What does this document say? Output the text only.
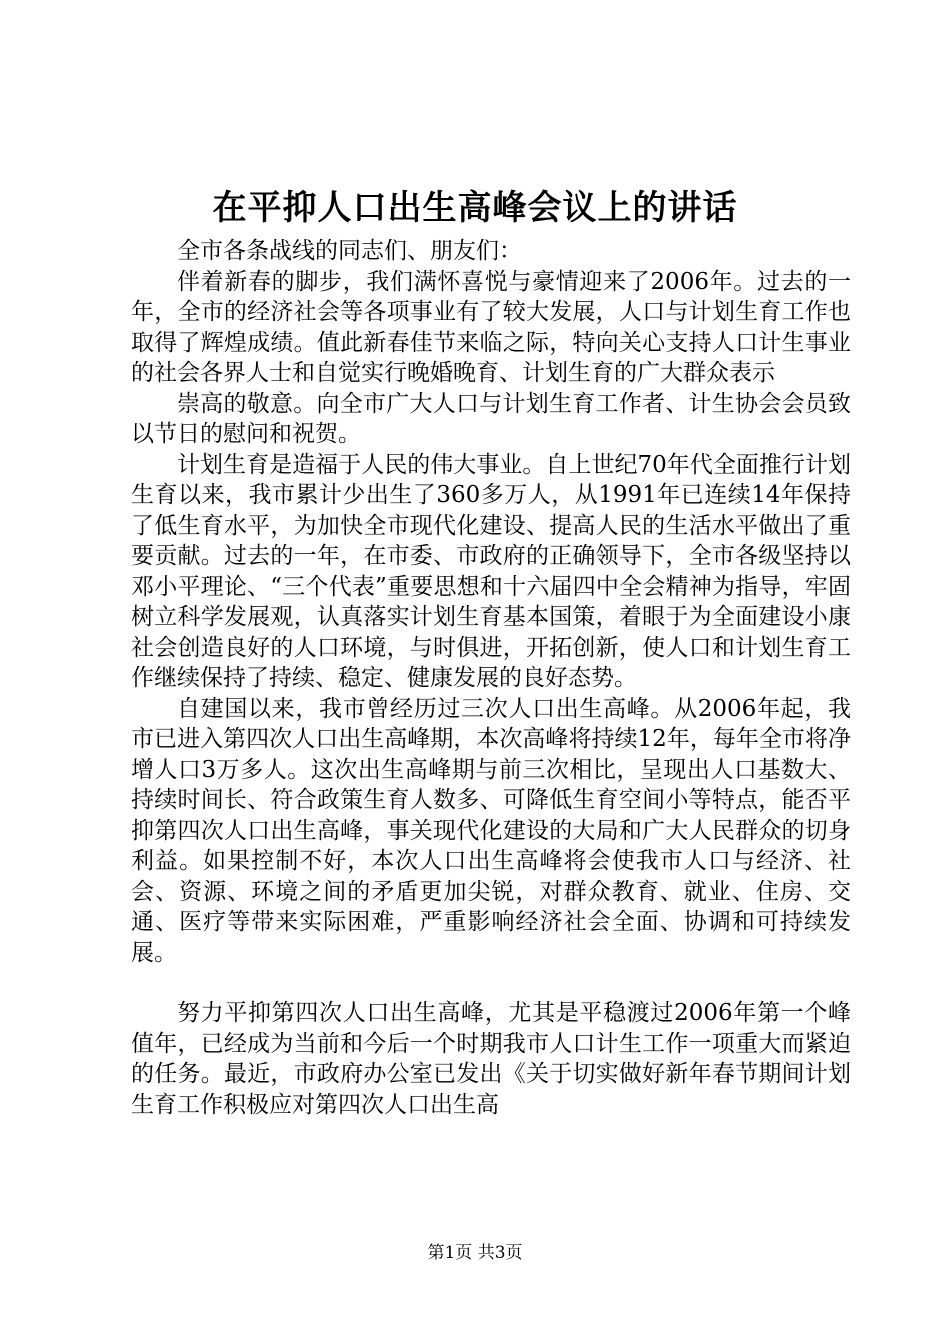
在平抑人口出生高峰会议上的讲话

全市各条战线的同志们、朋友们：

伴着新春的脚步，我们满怀喜悦与豪情迎来了2006年。过去的一年，全市的经济社会等各项事业有了较大发展，人口与计划生育工作也取得了辉煌成绩。值此新春佳节来临之际，特向关心支持人口计生事业的社会各界人士和自觉实行晚婚晚育、计划生育的广大群众表示

崇高的敬意。向全市广大人口与计划生育工作者、计生协会会员致以节日的慰问和祝贺。

计划生育是造福于人民的伟大事业。自上世纪70年代全面推行计划生育以来，我市累计少出生了360多万人，从1991年已连续14年保持了低生育水平，为加快全市现代化建设、提高人民的生活水平做出了重要贡献。过去的一年，在市委、市政府的正确领导下，全市各级坚持以邓小平理论、“三个代表”重要思想和十六届四中全会精神为指导，牢固树立科学发展观，认真落实计划生育基本国策，着眼于为全面建设小康社会创造良好的人口环境，与时俱进，开拓创新，使人口和计划生育工作继续保持了持续、稳定、健康发展的良好态势。

自建国以来，我市曾经历过三次人口出生高峰。从2006年起，我市已进入第四次人口出生高峰期，本次高峰将持续12年，每年全市将净增人口3万多人。这次出生高峰期与前三次相比，呈现出人口基数大、持续时间长、符合政策生育人数多、可降低生育空间小等特点，能否平抑第四次人口出生高峰，事关现代化建设的大局和广大人民群众的切身利益。如果控制不好，本次人口出生高峰将会使我市人口与经济、社会、资源、环境之间的矛盾更加尖锐，对群众教育、就业、住房、交通、医疗等带来实际困难，严重影响经济社会全面、协调和可持续发展。

努力平抑第四次人口出生高峰，尤其是平稳渡过2006年第一个峰值年，已经成为当前和今后一个时期我市人口计生工作一项重大而紧迫的任务。最近，市政府办公室已发出《关于切实做好新年春节期间计划生育工作积极应对第四次人口出生高

第1页 共3页
